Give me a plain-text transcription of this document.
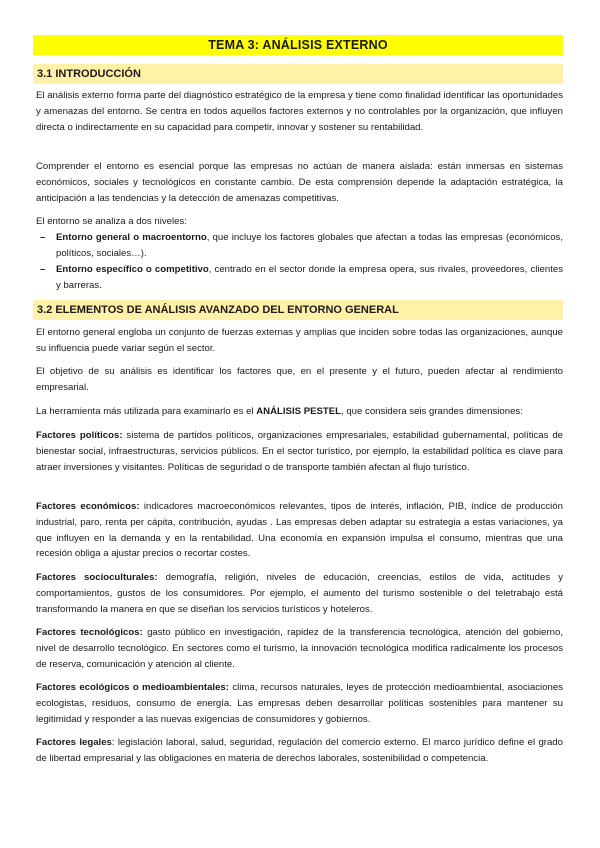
TEMA 3: ANÁLISIS EXTERNO
3.1 INTRODUCCIÓN

El análisis externo forma parte del diagnóstico estratégico de la empresa y tiene como finalidad identificar las oportunidades y amenazas del entorno. Se centra en todos aquellos factores externos y no controlables por la organización, que influyen directa o indirectamente en su capacidad para competir, innovar y sostener su rentabilidad.

Comprender el entorno es esencial porque las empresas no actúan de manera aislada: están inmersas en sistemas económicos, sociales y tecnológicos en constante cambio. De esta comprensión depende la adaptación estratégica, la anticipación a las tendencias y la detección de amenazas competitivas.

El entorno se analiza a dos niveles:

– Entorno general o macroentorno, que incluye los factores globales que afectan a todas las empresas (económicos, políticos, sociales…).
– Entorno específico o competitivo, centrado en el sector donde la empresa opera, sus rivales, proveedores, clientes y barreras.
3.2 ELEMENTOS DE ANÁLISIS AVANZADO DEL ENTORNO GENERAL

El entorno general engloba un conjunto de fuerzas externas y amplias que inciden sobre todas las organizaciones, aunque su influencia puede variar según el sector.

El objetivo de su análisis es identificar los factores que, en el presente y el futuro, pueden afectar al rendimiento empresarial.

La herramienta más utilizada para examinarlo es el ANÁLISIS PESTEL, que considera seis grandes dimensiones:

Factores políticos: sistema de partidos políticos, organizaciones empresariales, estabilidad gubernamental, políticas de bienestar social, infraestructuras, servicios públicos. En el sector turístico, por ejemplo, la estabilidad política es clave para atraer inversiones y visitantes. Políticas de seguridad o de transporte también afectan al flujo turístico.

Factores económicos: indicadores macroeconómicos relevantes, tipos de interés, inflación, PIB, índice de producción industrial, paro, renta per cápita, contribución, ayudas . Las empresas deben adaptar su estrategia a estas variaciones, ya que influyen en la demanda y en la rentabilidad. Una economía en expansión impulsa el consumo, mientras que una recesión obliga a ajustar precios o recortar costes.

Factores socioculturales: demografía, religión, niveles de educación, creencias, estilos de vida, actitudes y comportamientos, gustos de los consumidores. Por ejemplo, el aumento del turismo sostenible o del teletrabajo está transformando la manera en que se diseñan los servicios turísticos y hoteleros.

Factores tecnológicos: gasto público en investigación, rapidez de la transferencia tecnológica, atención del gobierno, nivel de desarrollo tecnológico. En sectores como el turismo, la innovación tecnológica modifica radicalmente los procesos de reserva, comunicación y atención al cliente.

Factores ecológicos o medioambientales: clima, recursos naturales, leyes de protección medioambiental, asociaciones ecologistas, residuos, consumo de energía. Las empresas deben desarrollar políticas sostenibles para mantener su legitimidad y responder a las nuevas exigencias de consumidores y gobiernos.

Factores legales: legislación laboral, salud, seguridad, regulación del comercio externo. El marco jurídico define el grado de libertad empresarial y las obligaciones en materia de derechos laborales, sostenibilidad o competencia.
